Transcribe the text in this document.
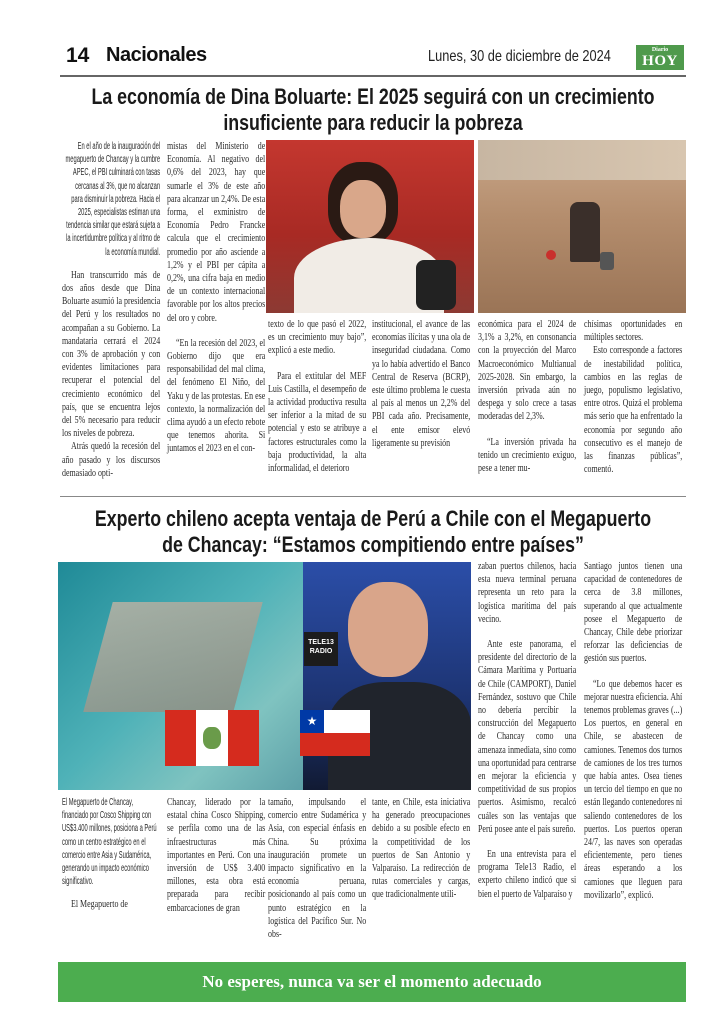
14 Nacionales	Lunes, 30 de diciembre de 2024	Diario
HOY
La economía de Dina Boluarte: El 2025 seguirá con un crecimiento
insuficiente para reducir la pobreza
En el año de la inauguración del megapuerto de Chancay y la cumbre APEC, el PBI culminará con tasas cercanas al 3%, que no alcanzan para disminuir la pobreza. Hacia el 2025, especialistas estiman una tendencia similar que estará sujeta a la incertidumbre política y al ritmo de la economía mundial.

Han transcurrido más de dos años desde que Dina Boluarte asumió la presidencia del Perú y los resultados no acompañan a su Gobierno. La mandataria cerrará el 2024 con 3% de aprobación y con evidentes limitaciones para recuperar el potencial del crecimiento económico del país, que se encuentra lejos del 5% necesario para reducir los niveles de pobreza.

Atrás quedó la recesión del año pasado y los discursos demasiado opti-

mistas del Ministerio de Economía. Al negativo del 0,6% del 2023, hay que sumarle el 3% de este año para alcanzar un 2,4%. De esta forma, el exministro de Economía Pedro Francke calcula que el crecimiento promedio por año asciende a 1,2% y el PBI per cápita a 0,2%, una cifra baja en medio de un contexto internacional favorable por los altos precios del oro y cobre.

“En la recesión del 2023, el Gobierno dijo que era responsabilidad del mal clima, del fenómeno El Niño, del Yaku y de las protestas. En ese contexto, la normalización del clima ayudó a un efecto rebote que tenemos ahorita. Si juntamos el 2023 en el con-

texto de lo que pasó el 2022, es un crecimiento muy bajo”, explicó a este medio.

Para el extitular del MEF Luis Castilla, el desempeño de la actividad productiva resulta ser inferior a la mitad de su potencial y esto se atribuye a factores estructurales como la baja productividad, la alta informalidad, el deterioro

institucional, el avance de las economías ilícitas y una ola de inseguridad ciudadana. Como ya lo había advertido el Banco Central de Reserva (BCRP), este último problema le cuesta al país al menos un 2,2% del PBI cada año. Precisamente, el ente emisor elevó ligeramente su previsión

económica para el 2024 de 3,1% a 3,2%, en consonancia con la proyección del Marco Macroeconómico Multianual 2025-2028. Sin embargo, la inversión privada aún no despega y solo crece a tasas moderadas del 2,3%.

“La inversión privada ha tenido un crecimiento exiguo, pese a tener mu-

chísimas oportunidades en múltiples sectores.

Esto corresponde a factores de inestabilidad política, cambios en las reglas de juego, populismo legislativo, entre otros. Quizá el problema más serio que ha enfrentado la economía por segundo año consecutivo es el manejo de las finanzas públicas”, comentó.

Experto chileno acepta ventaja de Perú a Chile con el Megapuerto
de Chancay: “Estamos compitiendo entre países”
TELE13 RADIO
★
El Megapuerto de Chancay, financiado por Cosco Shipping con US$3.400 millones, posiciona a Perú como un centro estratégico en el comercio entre Asia y Sudamérica, generando un impacto económico significativo.

El Megapuerto de

Chancay, liderado por la estatal china Cosco Shipping, se perfila como una de las infraestructuras más importantes en Perú. Con una inversión de US$ 3.400 millones, esta obra está preparada para recibir embarcaciones de gran

tamaño, impulsando el comercio entre Sudamérica y Asia, con especial énfasis en China. Su próxima inauguración promete un impacto significativo en la economía peruana, posicionando al país como un punto estratégico en la logística del Pacífico Sur. No obs-

tante, en Chile, esta iniciativa ha generado preocupaciones debido a su posible efecto en la competitividad de los puertos de San Antonio y Valparaíso. La redirección de rutas comerciales y cargas, que tradicionalmente utili-

zaban puertos chilenos, hacia esta nueva terminal peruana representa un reto para la logística marítima del país vecino.

Ante este panorama, el presidente del directorio de la Cámara Marítima y Portuaria de Chile (CAMPORT), Daniel Fernández, sostuvo que Chile no debería percibir la construcción del Megapuerto de Chancay como una amenaza inmediata, sino como una oportunidad para centrarse en mejorar la eficiencia y competitividad de sus propios puertos. Asimismo, recalcó cuáles son las ventajas que Perú posee ante el país sureño.

En una entrevista para el programa Tele13 Radio, el experto chileno indicó que si bien el puerto de Valparaíso y

Santiago juntos tienen una capacidad de contenedores de cerca de 3.8 millones, superando al que actualmente posee el Megapuerto de Chancay, Chile debe priorizar reforzar las deficiencias de gestión sus puertos.

“Lo que debemos hacer es mejorar nuestra eficiencia. Ahí tenemos problemas graves (...) Los puertos, en general en Chile, se abastecen de camiones. Tenemos dos turnos de camiones de los tres turnos que había antes. Osea tienes un tercio del tiempo en que no están llegando contenedores ni saliendo contenedores de los puertos. Los puertos operan 24/7, las naves son operadas eficientemente, pero tienes áreas esperando a los camiones que lleguen para movilizarlo”, explicó.

No esperes, nunca va ser el momento adecuado
